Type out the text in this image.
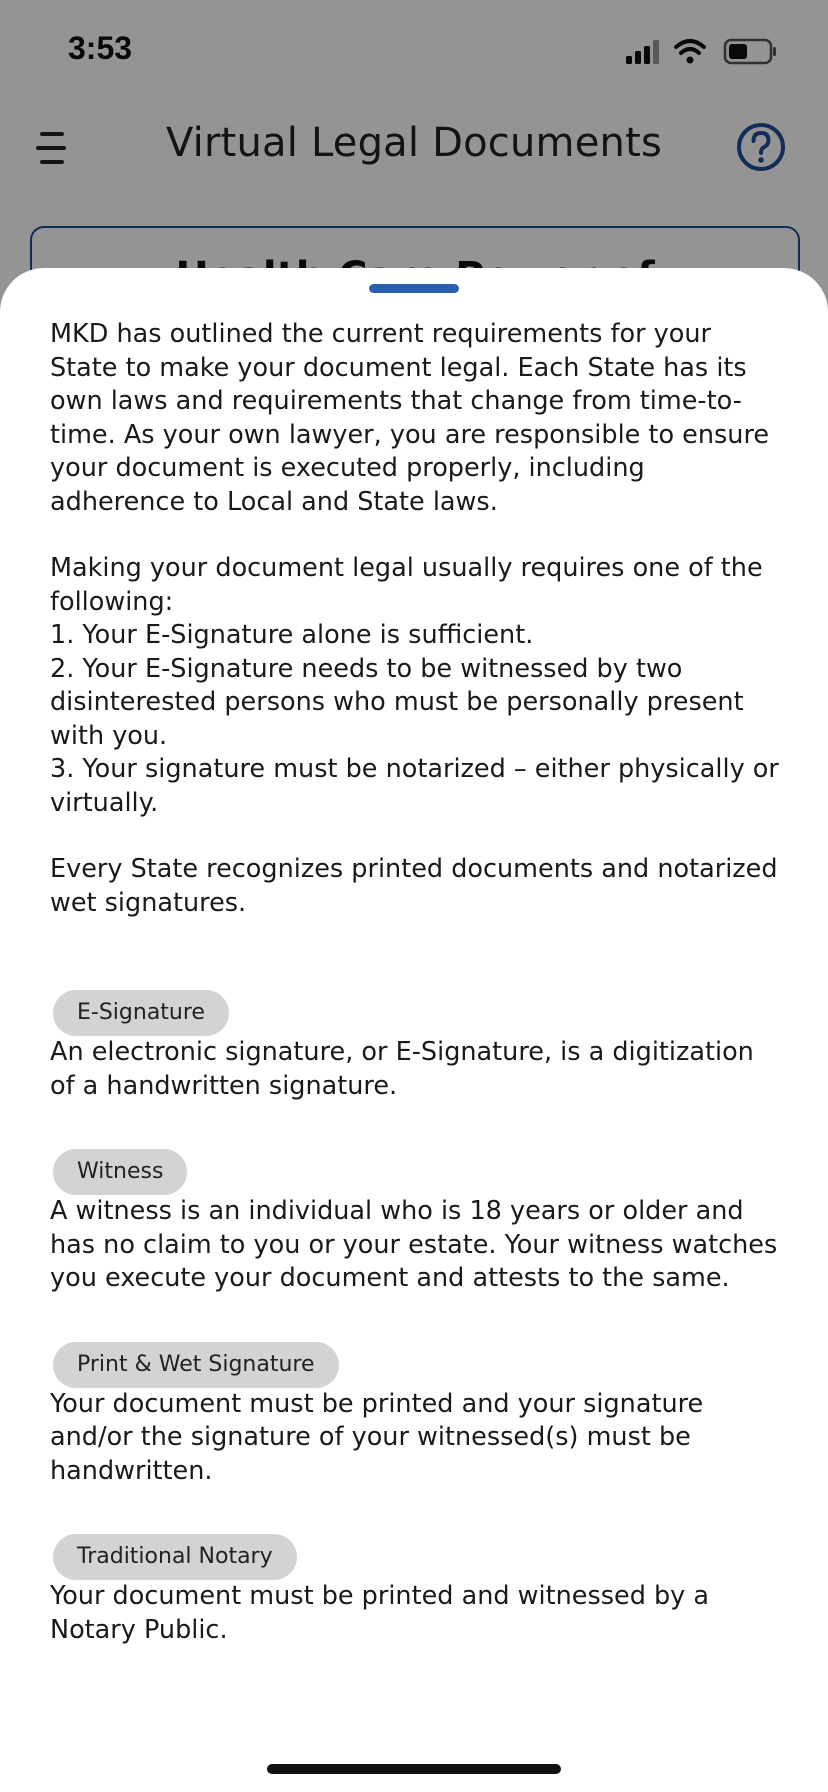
3:53
Virtual Legal Documents

MKD has outlined the current requirements for your State to make your document legal. Each State has its own laws and requirements that change from time-to-time. As your own lawyer, you are responsible to ensure your document is executed properly, including adherence to Local and State laws.

Making your document legal usually requires one of the following:

1. Your E-Signature alone is sufficient.
2. Your E-Signature needs to be witnessed by two disinterested persons who must be personally present with you.
3. Your signature must be notarized – either physically or virtually.

Every State recognizes printed documents and notarized wet signatures.

E-Signature

An electronic signature, or E-Signature, is a digitization of a handwritten signature.

Witness

A witness is an individual who is 18 years or older and has no claim to you or your estate. Your witness watches you execute your document and attests to the same.

Print & Wet Signature

Your document must be printed and your signature and/or the signature of your witnessed(s) must be handwritten.

Traditional Notary

Your document must be printed and witnessed by a Notary Public.
